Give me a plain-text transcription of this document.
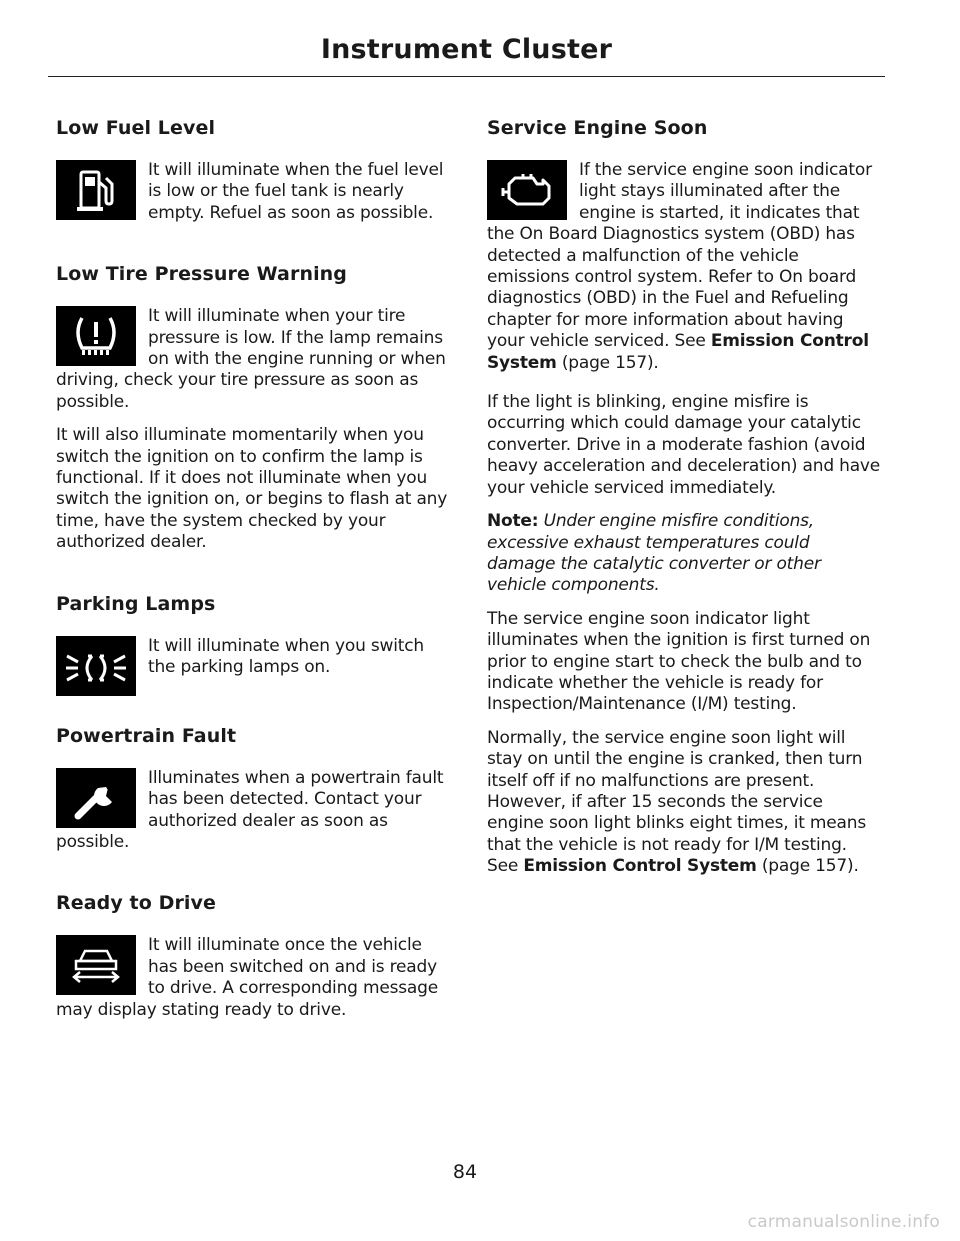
Instrument Cluster
Low Fuel Level

It will illuminate when the fuel level is low or the fuel tank is nearly empty. Refuel as soon as possible.

Low Tire Pressure Warning

It will illuminate when your tire pressure is low. If the lamp remains on with the engine running or when driving, check your tire pressure as soon as possible.

It will also illuminate momentarily when you switch the ignition on to confirm the lamp is functional. If it does not illuminate when you switch the ignition on, or begins to flash at any time, have the system checked by your authorized dealer.

Parking Lamps

It will illuminate when you switch the parking lamps on.

Powertrain Fault

Illuminates when a powertrain fault has been detected. Contact your authorized dealer as soon as possible.

Ready to Drive

It will illuminate once the vehicle has been switched on and is ready to drive. A corresponding message may display stating ready to drive.

Service Engine Soon

If the service engine soon indicator light stays illuminated after the engine is started, it indicates that the On Board Diagnostics system (OBD) has detected a malfunction of the vehicle emissions control system. Refer to On board diagnostics (OBD) in the Fuel and Refueling chapter for more information about having your vehicle serviced. See Emission Control System (page 157).

If the light is blinking, engine misfire is occurring which could damage your catalytic converter. Drive in a moderate fashion (avoid heavy acceleration and deceleration) and have your vehicle serviced immediately.

Note: Under engine misfire conditions, excessive exhaust temperatures could damage the catalytic converter or other vehicle components.

The service engine soon indicator light illuminates when the ignition is first turned on prior to engine start to check the bulb and to indicate whether the vehicle is ready for Inspection/Maintenance (I/M) testing.

Normally, the service engine soon light will stay on until the engine is cranked, then turn itself off if no malfunctions are present. However, if after 15 seconds the service engine soon light blinks eight times, it means that the vehicle is not ready for I/M testing. See Emission Control System (page 157).

84
carmanualsonline.info
